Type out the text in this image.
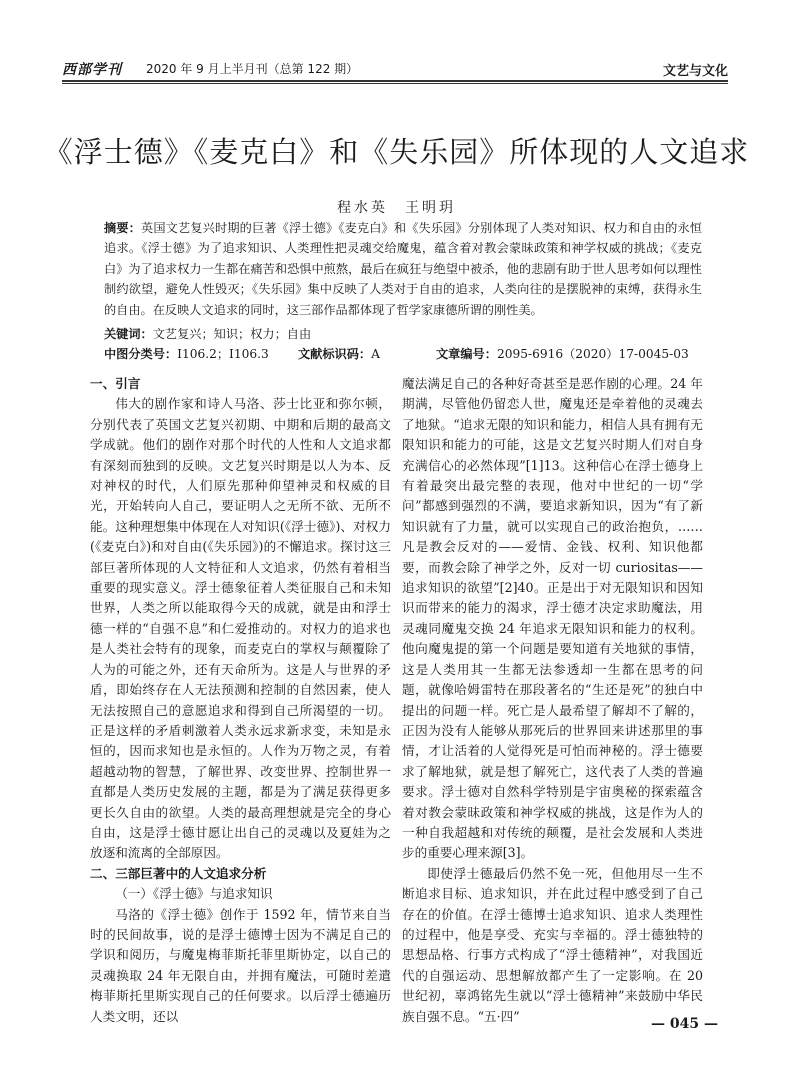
西部学刊 2020 年 9 月上半月刊（总第 122 期）	文艺与文化
《浮士德》《麦克白》和《失乐园》所体现的人文追求
程水英　王明玥
摘要：英国文艺复兴时期的巨著《浮士德》《麦克白》和《失乐园》分别体现了人类对知识、权力和自由的永恒追求。《浮士德》为了追求知识、人类理性把灵魂交给魔鬼，蕴含着对教会蒙昧政策和神学权威的挑战；《麦克白》为了追求权力一生都在痛苦和恐惧中煎熬，最后在疯狂与绝望中被杀，他的悲剧有助于世人思考如何以理性制约欲望，避免人性毁灭；《失乐园》集中反映了人类对于自由的追求，人类向往的是摆脱神的束缚，获得永生的自由。在反映人文追求的同时，这三部作品都体现了哲学家康德所谓的刚性美。
关键词：文艺复兴；知识；权力；自由
中图分类号：I106.2；I106.3 文献标识码：A	文章编号：2095-6916（2020）17-0045-03
一、引言

伟大的剧作家和诗人马洛、莎士比亚和弥尔顿，分别代表了英国文艺复兴初期、中期和后期的最高文学成就。他们的剧作对那个时代的人性和人文追求都有深刻而独到的反映。文艺复兴时期是以人为本、反对神权的时代，人们原先那种仰望神灵和权威的目光，开始转向人自己，要证明人之无所不欲、无所不能。这种理想集中体现在人对知识(《浮士德》)、对权力(《麦克白》)和对自由(《失乐园》)的不懈追求。探讨这三部巨著所体现的人文特征和人文追求，仍然有着相当重要的现实意义。浮士德象征着人类征服自己和未知世界，人类之所以能取得今天的成就，就是由和浮士德一样的“自强不息”和仁爱推动的。对权力的追求也是人类社会特有的现象，而麦克白的掌权与颠覆除了人为的可能之外，还有天命所为。这是人与世界的矛盾，即始终存在人无法预测和控制的自然因素，使人无法按照自己的意愿追求和得到自己所渴望的一切。正是这样的矛盾刺激着人类永远求新求变，未知是永恒的，因而求知也是永恒的。人作为万物之灵，有着超越动物的智慧，了解世界、改变世界、控制世界一直都是人类历史发展的主题，都是为了满足获得更多更长久自由的欲望。人类的最高理想就是完全的身心自由，这是浮士德甘愿让出自己的灵魂以及夏娃为之放逐和流离的全部原因。

二、三部巨著中的人文追求分析
（一）《浮士德》与追求知识

马洛的《浮士德》创作于 1592 年，情节来自当时的民间故事，说的是浮士德博士因为不满足自己的学识和阅历，与魔鬼梅菲斯托菲里斯协定，以自己的灵魂换取 24 年无限自由，并拥有魔法，可随时差遣梅菲斯托里斯实现自己的任何要求。以后浮士德遍历人类文明，还以

魔法满足自己的各种好奇甚至是恶作剧的心理。24 年期满，尽管他仍留恋人世，魔鬼还是牵着他的灵魂去了地狱。“追求无限的知识和能力，相信人具有拥有无限知识和能力的可能，这是文艺复兴时期人们对自身充满信心的必然体现”[1]13。这种信心在浮士德身上有着最突出最完整的表现，他对中世纪的一切“学问”都感到强烈的不满，要追求新知识，因为“有了新知识就有了力量，就可以实现自己的政治抱负，……凡是教会反对的——爱情、金钱、权利、知识他都要，而教会除了神学之外，反对一切 curiositas——追求知识的欲望”[2]40。正是出于对无限知识和因知识而带来的能力的渴求，浮士德才决定求助魔法，用灵魂同魔鬼交换 24 年追求无限知识和能力的权利。他向魔鬼提的第一个问题是要知道有关地狱的事情，这是人类用其一生都无法参透却一生都在思考的问题，就像哈姆雷特在那段著名的“生还是死”的独白中提出的问题一样。死亡是人最希望了解却不了解的，正因为没有人能够从那死后的世界回来讲述那里的事情，才让活着的人觉得死是可怕而神秘的。浮士德要求了解地狱，就是想了解死亡，这代表了人类的普遍要求。浮士德对自然科学特别是宇宙奥秘的探索蕴含着对教会蒙昧政策和神学权威的挑战，这是作为人的一种自我超越和对传统的颠覆，是社会发展和人类进步的重要心理来源[3]。

即使浮士德最后仍然不免一死，但他用尽一生不断追求目标、追求知识，并在此过程中感受到了自己存在的价值。在浮士德博士追求知识、追求人类理性的过程中，他是享受、充实与幸福的。浮士德独特的思想品格、行事方式构成了“浮士德精神”，对我国近代的自强运动、思想解放都产生了一定影响。在 20 世纪初，辜鸿铭先生就以“浮士德精神”来鼓励中华民族自强不息。“五·四”	— 045 —
